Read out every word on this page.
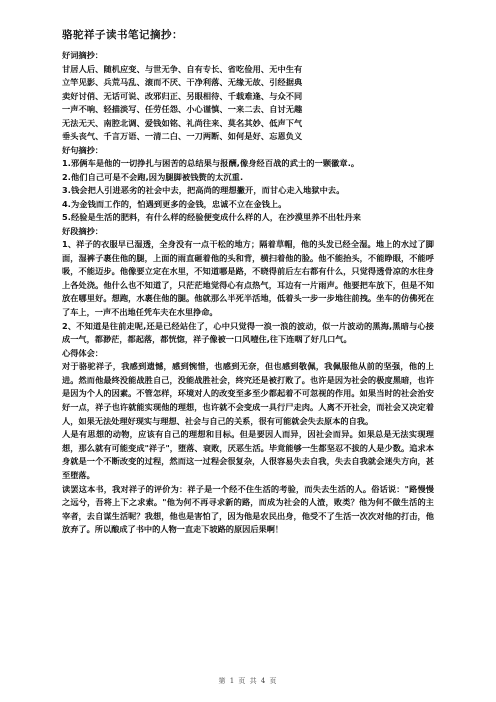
骆驼祥子读书笔记摘抄：

好词摘抄：

甘居人后、随机应变、与世无争、自有专长、省吃俭用、无中生有

立竿见影、兵荒马乱、滚而不厌、干净利落、无缘无故、引经据典

卖好讨俏、无话可说、改邪归正、另眼相待、千载难逢、与众不同

一声不响、轻描淡写、任劳任怨、小心谨慎、一来二去、自讨无趣

无法无天、南腔北调、爱钱如铭、礼尚往来、莫名其妙、低声下气

垂头丧气、千言万语、一清二白、一刀两断、如何是好、忘恩负义

好句摘抄：

1.邪俩车是他的一切挣扎与困苦的总结果与报酬,像身经百战的武士的一颗徽章.。

2.他们自己可是不会跑,因为腿脚被钱赘的太沉重.

3.钱会把人引进恶劣的社会中去，把高尚的理想撇开，而甘心走入地狱中去。

4.为金钱而工作的，怕遇到更多的金钱，忠诚不立在金钱上。

5.经验是生活的肥料，有什么样的经验便变成什么样的人，在沙漠里养不出牡丹来

好段摘抄：

1、祥子的衣服早已湿透，全身没有一点干松的地方；隔着草帽，他的头发已经全湿。地上的水过了脚面，湿裤子裹住他的腿，上面的雨直砸着他的头和背，横扫着他的脸。他不能抬头，不能睁眼，不能呼吸，不能迈步。他像要立定在水里，不知道哪是路，不晓得前后左右都有什么，只觉得透骨凉的水往身上各处浇。他什么也不知道了，只茫茫地觉得心有点热气，耳边有一片雨声。他要把车放下，但是不知放在哪里好。想跑，水裹住他的腿。他就那么半死半活地，低着头一步一步地往前拽。坐车的仿佛死在了车上，一声不出地任凭车夫在水里挣命。

2、不知道是往前走呢,还是已经站住了，心中只觉得一浪一浪的波动，似一片波动的黑海,黑暗与心接成一气，都渺茫，都起落，都恍惚，祥子像被一口风噎住,往下连咽了好几口气。

心得体会：

对于骆驼祥子，我感到遗憾，感到惋惜，也感到无奈，但也感到敬佩，我佩服他从前的坚强，他的上进。然而他最终没能战胜自己，没能战胜社会，终究还是被打败了。也许是因为社会的极度黑暗，也许是因为个人的因素。不管怎样，环境对人的改变至多至少都起着不可忽视的作用。如果当时的社会治安好一点，祥子也许就能实现他的理想，也许就不会变成一具行尸走肉。人离不开社会，而社会又决定着人，如果无法处理好现实与理想、社会与自己的关系，很有可能就会失去原本的自我。

人是有思想的动物，应该有自己的理想和目标。但是要因人而异，因社会而异。如果总是无法实现理想，那么就有可能变成"祥子"，堕落、衰败，厌恶生活。毕竟能够一生都坚忍不拔的人是少数。追求本身就是一个不断改变的过程，然而这一过程会很复杂，人很容易失去自我，失去自我就会迷失方向，甚至堕落。

读罢这本书，我对祥子的评价为：祥子是一个经不住生活的考验，而失去生活的人。俗话说："路慢慢之远兮，吾将上下之求索。"他为何不再寻求新的路，而成为社会的人渣，败类？他为何不做生活的主宰者，去自谋生活呢？我想，他也是害怕了，因为他是农民出身，他受不了生活一次次对他的打击，他放弃了。所以酿成了书中的人物一直走下坡路的原因后果啊！

第 1 页 共 4 页
